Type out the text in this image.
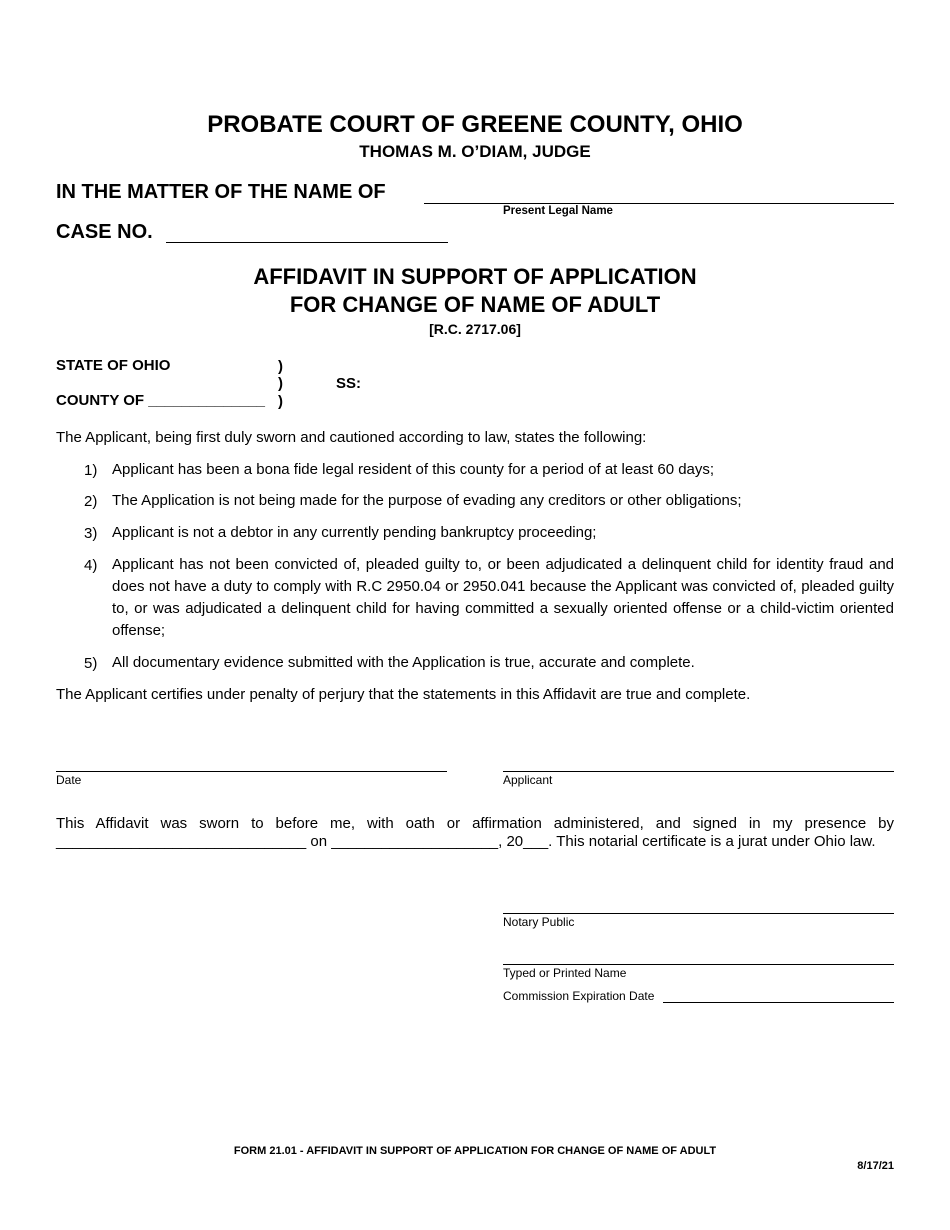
PROBATE COURT OF GREENE COUNTY, OHIO
THOMAS M. O’DIAM, JUDGE
IN THE MATTER OF THE NAME OF
Present Legal Name
CASE NO.
AFFIDAVIT IN SUPPORT OF APPLICATION
FOR CHANGE OF NAME OF ADULT
[R.C. 2717.06]
STATE OF OHIO
COUNTY OF ______________
)
)
)
SS:
The Applicant, being first duly sworn and cautioned according to law, states the following:
1) Applicant has been a bona fide legal resident of this county for a period of at least 60 days;
2) The Application is not being made for the purpose of evading any creditors or other obligations;
3) Applicant is not a debtor in any currently pending bankruptcy proceeding;
4) Applicant has not been convicted of, pleaded guilty to, or been adjudicated a delinquent child for identity fraud and does not have a duty to comply with R.C 2950.04 or 2950.041 because the Applicant was convicted of, pleaded guilty to, or was adjudicated a delinquent child for having committed a sexually oriented offense or a child-victim oriented offense;
5) All documentary evidence submitted with the Application is true, accurate and complete.
The Applicant certifies under penalty of perjury that the statements in this Affidavit are true and complete.
Date	Applicant
This Affidavit was sworn to before me, with oath or affirmation administered, and signed in my presence by
______________________________ on ____________________, 20___. This notarial certificate is a jurat under Ohio law.
Notary Public
Typed or Printed Name
Commission Expiration Date
FORM 21.01 - AFFIDAVIT IN SUPPORT OF APPLICATION FOR CHANGE OF NAME OF ADULT
8/17/21
